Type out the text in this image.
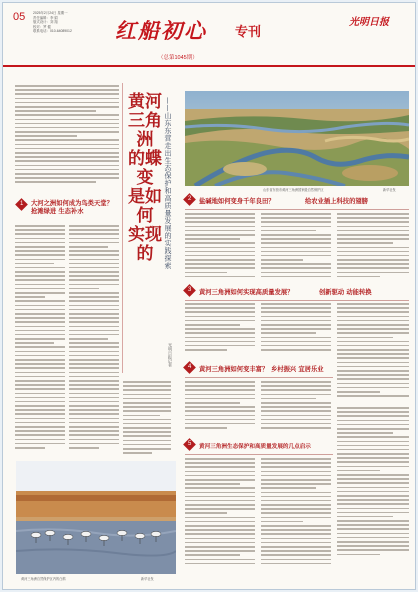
05 2025年2月24日 星期一
责任编辑：李 娟
版式设计：刘 翔
校对：罗 健
联系电话：010-64089012	红船初心 专刊
（总第1045期）
光明日报
黄河
三角洲
的蝶变
是如何
实现的	——山东东营走出生态保护和高质量发展的实践探索
光明日报记者
1	大河之洲如何成为鸟类天堂？
抢滩绿进 生态补水
山东省东营市黄河三角洲国家级自然保护区	新华社发
2	盐碱地如何变身千年良田？	给农业插上科技的翅膀
3	黄河三角洲如何实现高质量发展？	创新驱动 动能转换
4	黄河三角洲如何变丰富？ 乡村振兴 宜居乐业
5	黄河三角洲生态保护和高质量发展的几点启示
黄河三角洲自然保护区内的白鹤	新华社发
